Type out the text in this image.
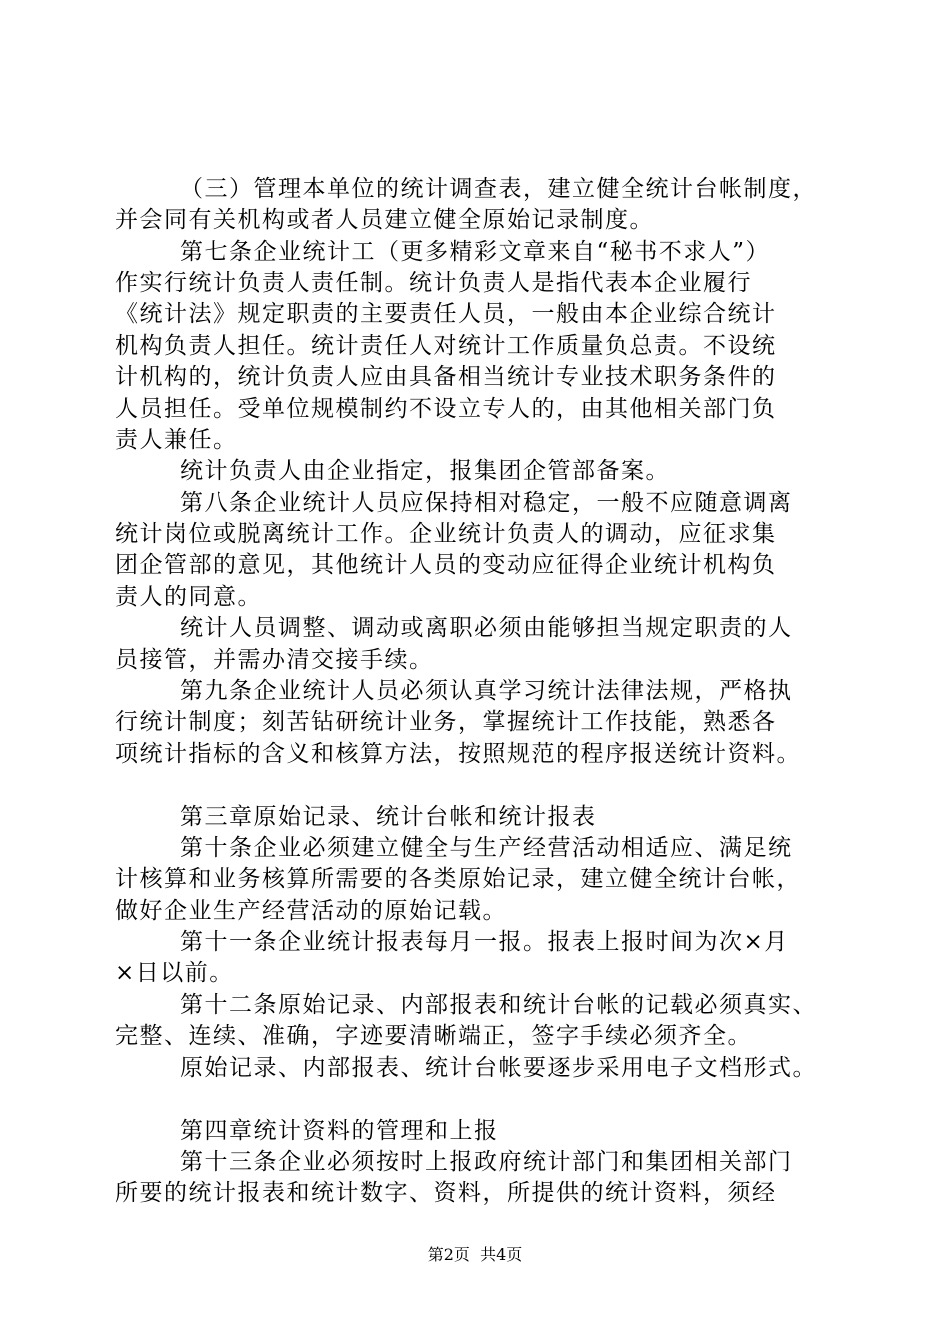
（三）管理本单位的统计调查表，建立健全统计台帐制度，
并会同有关机构或者人员建立健全原始记录制度。
第七条企业统计工（更多精彩文章来自“秘书不求人”）
作实行统计负责人责任制。统计负责人是指代表本企业履行
《统计法》规定职责的主要责任人员，一般由本企业综合统计
机构负责人担任。统计责任人对统计工作质量负总责。不设统
计机构的，统计负责人应由具备相当统计专业技术职务条件的
人员担任。受单位规模制约不设立专人的，由其他相关部门负
责人兼任。
统计负责人由企业指定，报集团企管部备案。
第八条企业统计人员应保持相对稳定，一般不应随意调离
统计岗位或脱离统计工作。企业统计负责人的调动，应征求集
团企管部的意见，其他统计人员的变动应征得企业统计机构负
责人的同意。
统计人员调整、调动或离职必须由能够担当规定职责的人
员接管，并需办清交接手续。
第九条企业统计人员必须认真学习统计法律法规，严格执
行统计制度；刻苦钻研统计业务，掌握统计工作技能，熟悉各
项统计指标的含义和核算方法，按照规范的程序报送统计资料。
第三章原始记录、统计台帐和统计报表
第十条企业必须建立健全与生产经营活动相适应、满足统
计核算和业务核算所需要的各类原始记录，建立健全统计台帐，
做好企业生产经营活动的原始记载。
第十一条企业统计报表每月一报。报表上报时间为次×月
×日以前。
第十二条原始记录、内部报表和统计台帐的记载必须真实、
完整、连续、准确，字迹要清晰端正，签字手续必须齐全。
原始记录、内部报表、统计台帐要逐步采用电子文档形式。
第四章统计资料的管理和上报
第十三条企业必须按时上报政府统计部门和集团相关部门
所要的统计报表和统计数字、资料，所提供的统计资料，须经
第2页  共4页
